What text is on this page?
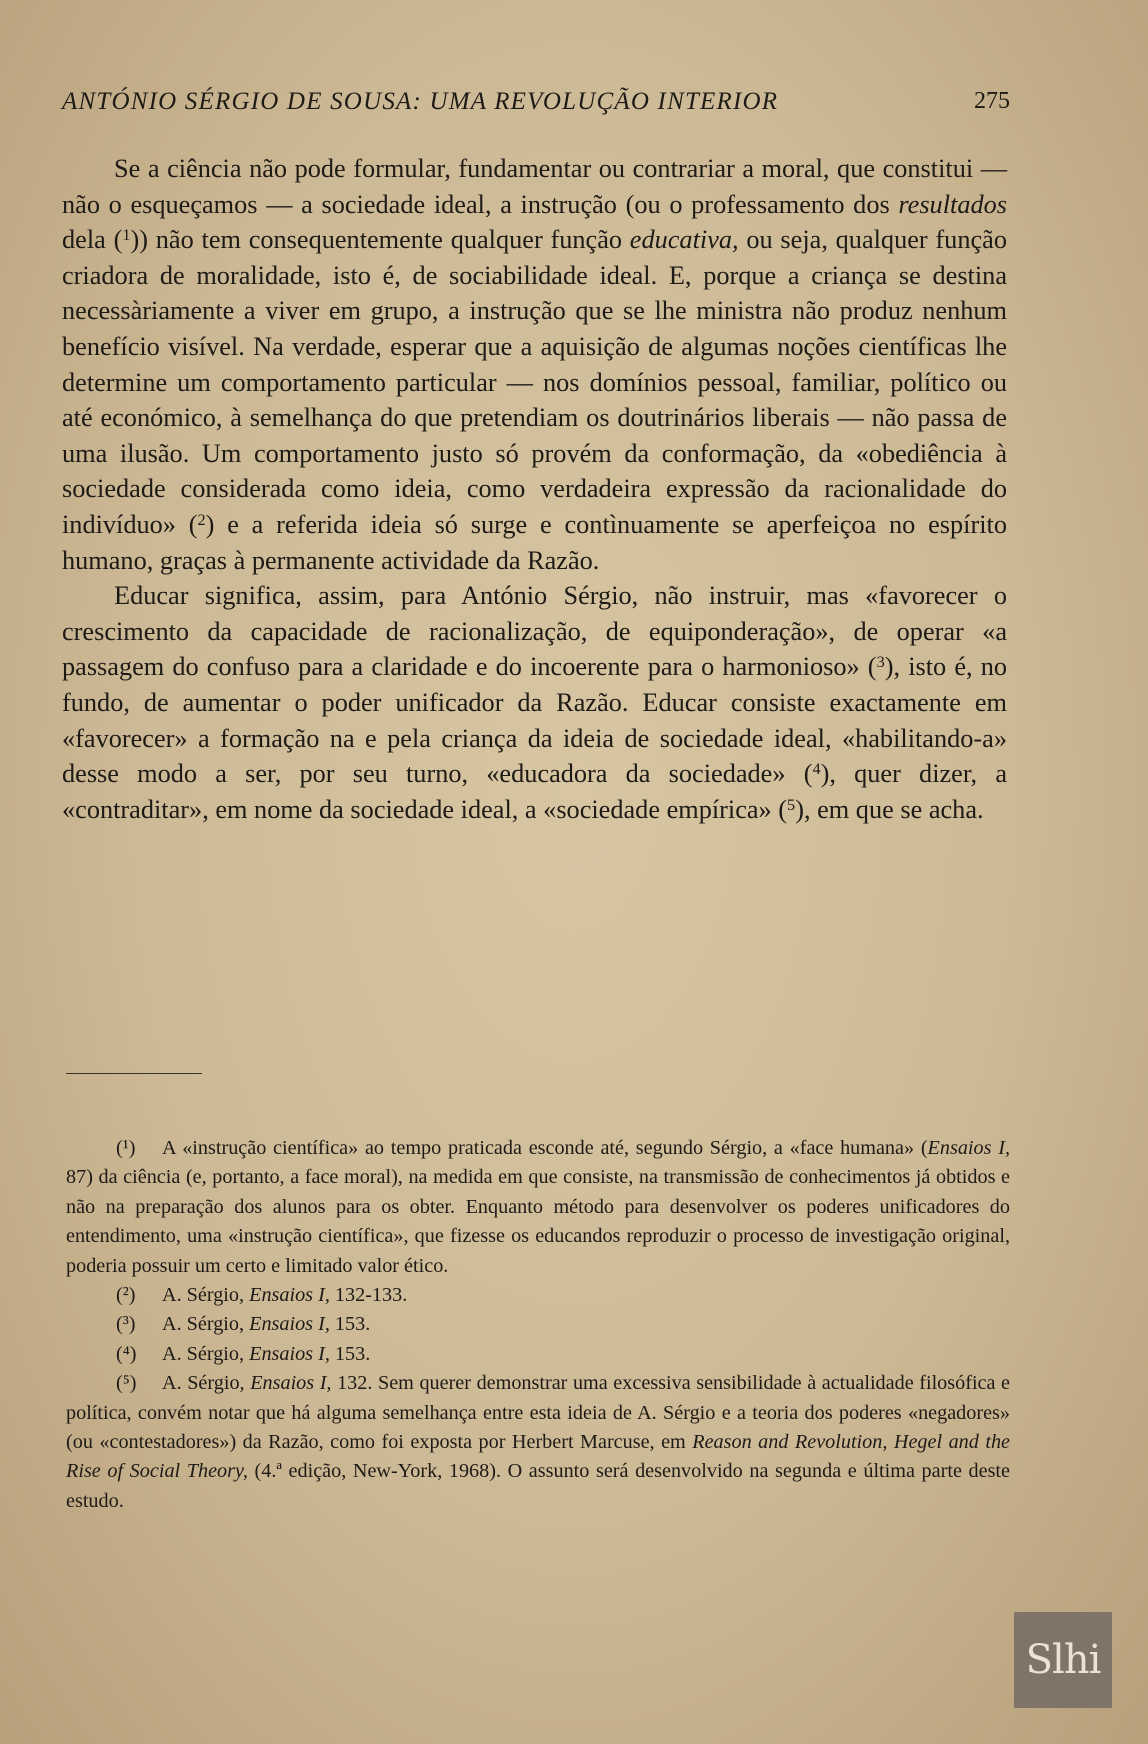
ANTÓNIO SÉRGIO DE SOUSA: UMA REVOLUÇÃO INTERIOR	275

Se a ciência não pode formular, fundamentar ou contrariar a moral, que constitui — não o esqueçamos — a sociedade ideal, a instrução (ou o professamento dos resultados dela ($^1$)) não tem consequentemente qualquer função educativa, ou seja, qualquer função criadora de moralidade, isto é, de sociabilidade ideal. E, porque a criança se destina necessàriamente a viver em grupo, a instrução que se lhe ministra não produz nenhum benefício visível. Na verdade, esperar que a aquisição de algumas noções científicas lhe determine um comportamento particular — nos domínios pessoal, familiar, político ou até económico, à semelhança do que pretendiam os doutrinários liberais — não passa de uma ilusão. Um comportamento justo só provém da conformação, da «obediência à sociedade considerada como ideia, como verdadeira expressão da racionalidade do indivíduo» ($^2$) e a referida ideia só surge e contìnuamente se aperfeiçoa no espírito humano, graças à permanente actividade da Razão.

Educar significa, assim, para António Sérgio, não instruir, mas «favorecer o crescimento da capacidade de racionalização, de equiponderação», de operar «a passagem do confuso para a claridade e do incoerente para o harmonioso» ($^3$), isto é, no fundo, de aumentar o poder unificador da Razão. Educar consiste exactamente em «favorecer» a formação na e pela criança da ideia de sociedade ideal, «habilitando-a» desse modo a ser, por seu turno, «educadora da sociedade» ($^4$), quer dizer, a «contraditar», em nome da sociedade ideal, a «sociedade empírica» ($^5$), em que se acha.

(¹) A «instrução científica» ao tempo praticada esconde até, segundo Sérgio, a «face humana» (Ensaios I, 87) da ciência (e, portanto, a face moral), na medida em que consiste, na transmissão de conhecimentos já obtidos e não na preparação dos alunos para os obter. Enquanto método para desenvolver os poderes unificadores do entendimento, uma «instrução científica», que fizesse os educandos reproduzir o processo de investigação original, poderia possuir um certo e limitado valor ético.

(²) A. Sérgio, Ensaios I, 132-133.

(³) A. Sérgio, Ensaios I, 153.

(⁴) A. Sérgio, Ensaios I, 153.

(⁵) A. Sérgio, Ensaios I, 132. Sem querer demonstrar uma excessiva sensibilidade à actualidade filosófica e política, convém notar que há alguma semelhança entre esta ideia de A. Sérgio e a teoria dos poderes «negadores» (ou «contestadores») da Razão, como foi exposta por Herbert Marcuse, em Reason and Revolution, Hegel and the Rise of Social Theory, (4.ª edição, New-York, 1968). O assunto será desenvolvido na segunda e última parte deste estudo.

Slhi
